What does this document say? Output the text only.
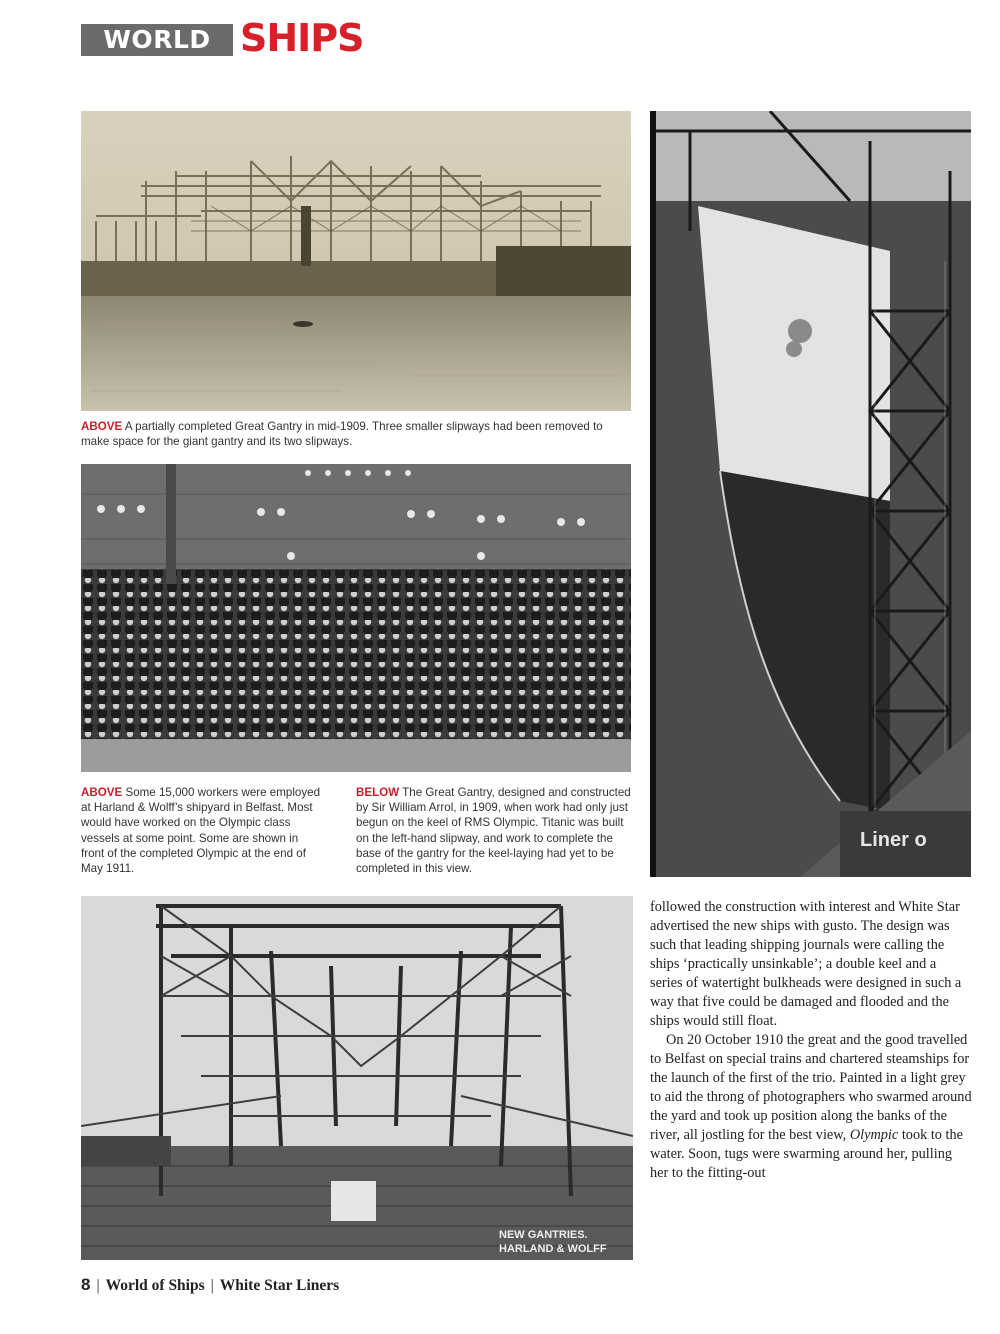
WORLD OF
SHIPS
ABOVE A partially completed Great Gantry in mid-1909. Three smaller slipways had been removed to make space for the giant gantry and its two slipways.
ABOVE Some 15,000 workers were employed at Harland & Wolff’s shipyard in Belfast. Most would have worked on the Olympic class vessels at some point. Some are shown in front of the completed Olympic at the end of May 1911.
BELOW The Great Gantry, designed and constructed by Sir William Arrol, in 1909, when work had only just begun on the keel of RMS Olympic. Titanic was built on the left-hand slipway, and work to complete the base of the gantry for the keel-laying had yet to be completed in this view.
Liner o
NEW GANTRIES.
HARLAND & WOLFF

followed the construction with interest and White Star advertised the new ships with gusto. The design was such that leading shipping journals were calling the ships ‘practically unsinkable’; a double keel and a series of watertight bulkheads were designed in such a way that five could be damaged and flooded and the ships would still float.

On 20 October 1910 the great and the good travelled to Belfast on special trains and chartered steamships for the launch of the first of the trio. Painted in a light grey to aid the throng of photographers who swarmed around the yard and took up position along the banks of the river, all jostling for the best view, Olympic took to the water. Soon, tugs were swarming around her, pulling her to the fitting-out

8 | World of Ships | White Star Liners
